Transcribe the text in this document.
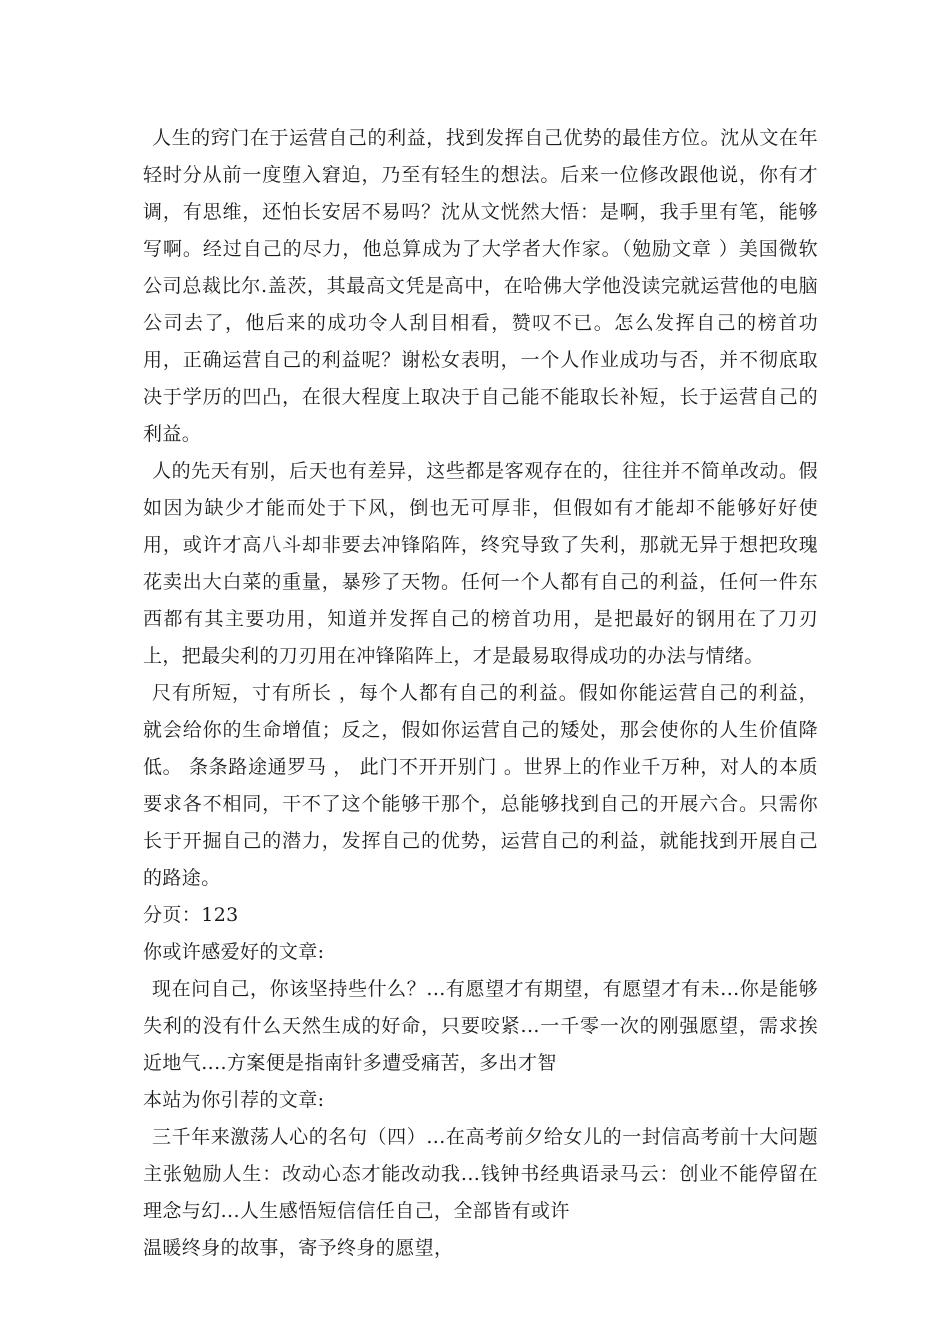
人生的窍门在于运营自己的利益，找到发挥自己优势的最佳方位。沈从文在年轻时分从前一度堕入窘迫，乃至有轻生的想法。后来一位修改跟他说，你有才调，有思维，还怕长安居不易吗？沈从文恍然大悟：是啊，我手里有笔，能够写啊。经过自己的尽力，他总算成为了大学者大作家。（勉励文章 ）美国微软公司总裁比尔.盖茨，其最高文凭是高中，在哈佛大学他没读完就运营他的电脑公司去了，他后来的成功令人刮目相看，赞叹不已。怎么发挥自己的榜首功用，正确运营自己的利益呢？谢松女表明，一个人作业成功与否，并不彻底取决于学历的凹凸，在很大程度上取决于自己能不能取长补短，长于运营自己的利益。

人的先天有别，后天也有差异，这些都是客观存在的，往往并不简单改动。假如因为缺少才能而处于下风，倒也无可厚非，但假如有才能却不能够好好使用，或许才高八斗却非要去冲锋陷阵，终究导致了失利，那就无异于想把玫瑰花卖出大白菜的重量，暴殄了天物。任何一个人都有自己的利益，任何一件东西都有其主要功用，知道并发挥自己的榜首功用，是把最好的钢用在了刀刃上，把最尖利的刀刃用在冲锋陷阵上，才是最易取得成功的办法与情绪。

尺有所短，寸有所长 ，每个人都有自己的利益。假如你能运营自己的利益，就会给你的生命增值；反之，假如你运营自己的矮处，那会使你的人生价值降低。 条条路途通罗马 ， 此门不开开别门 。世界上的作业千万种，对人的本质要求各不相同，干不了这个能够干那个，总能够找到自己的开展六合。只需你长于开掘自己的潜力，发挥自己的优势，运营自己的利益，就能找到开展自己的路途。

分页：123

你或许感爱好的文章:

现在问自己，你该坚持些什么？...有愿望才有期望，有愿望才有未...你是能够失利的没有什么天然生成的好命，只要咬紧...一千零一次的刚强愿望，需求挨近地气....方案便是指南针多遭受痛苦，多出才智

本站为你引荐的文章:

三千年来激荡人心的名句（四）...在高考前夕给女儿的一封信高考前十大问题主张勉励人生：改动心态才能改动我...钱钟书经典语录马云：创业不能停留在理念与幻...人生感悟短信信任自己，全部皆有或许

温暖终身的故事，寄予终身的愿望，
